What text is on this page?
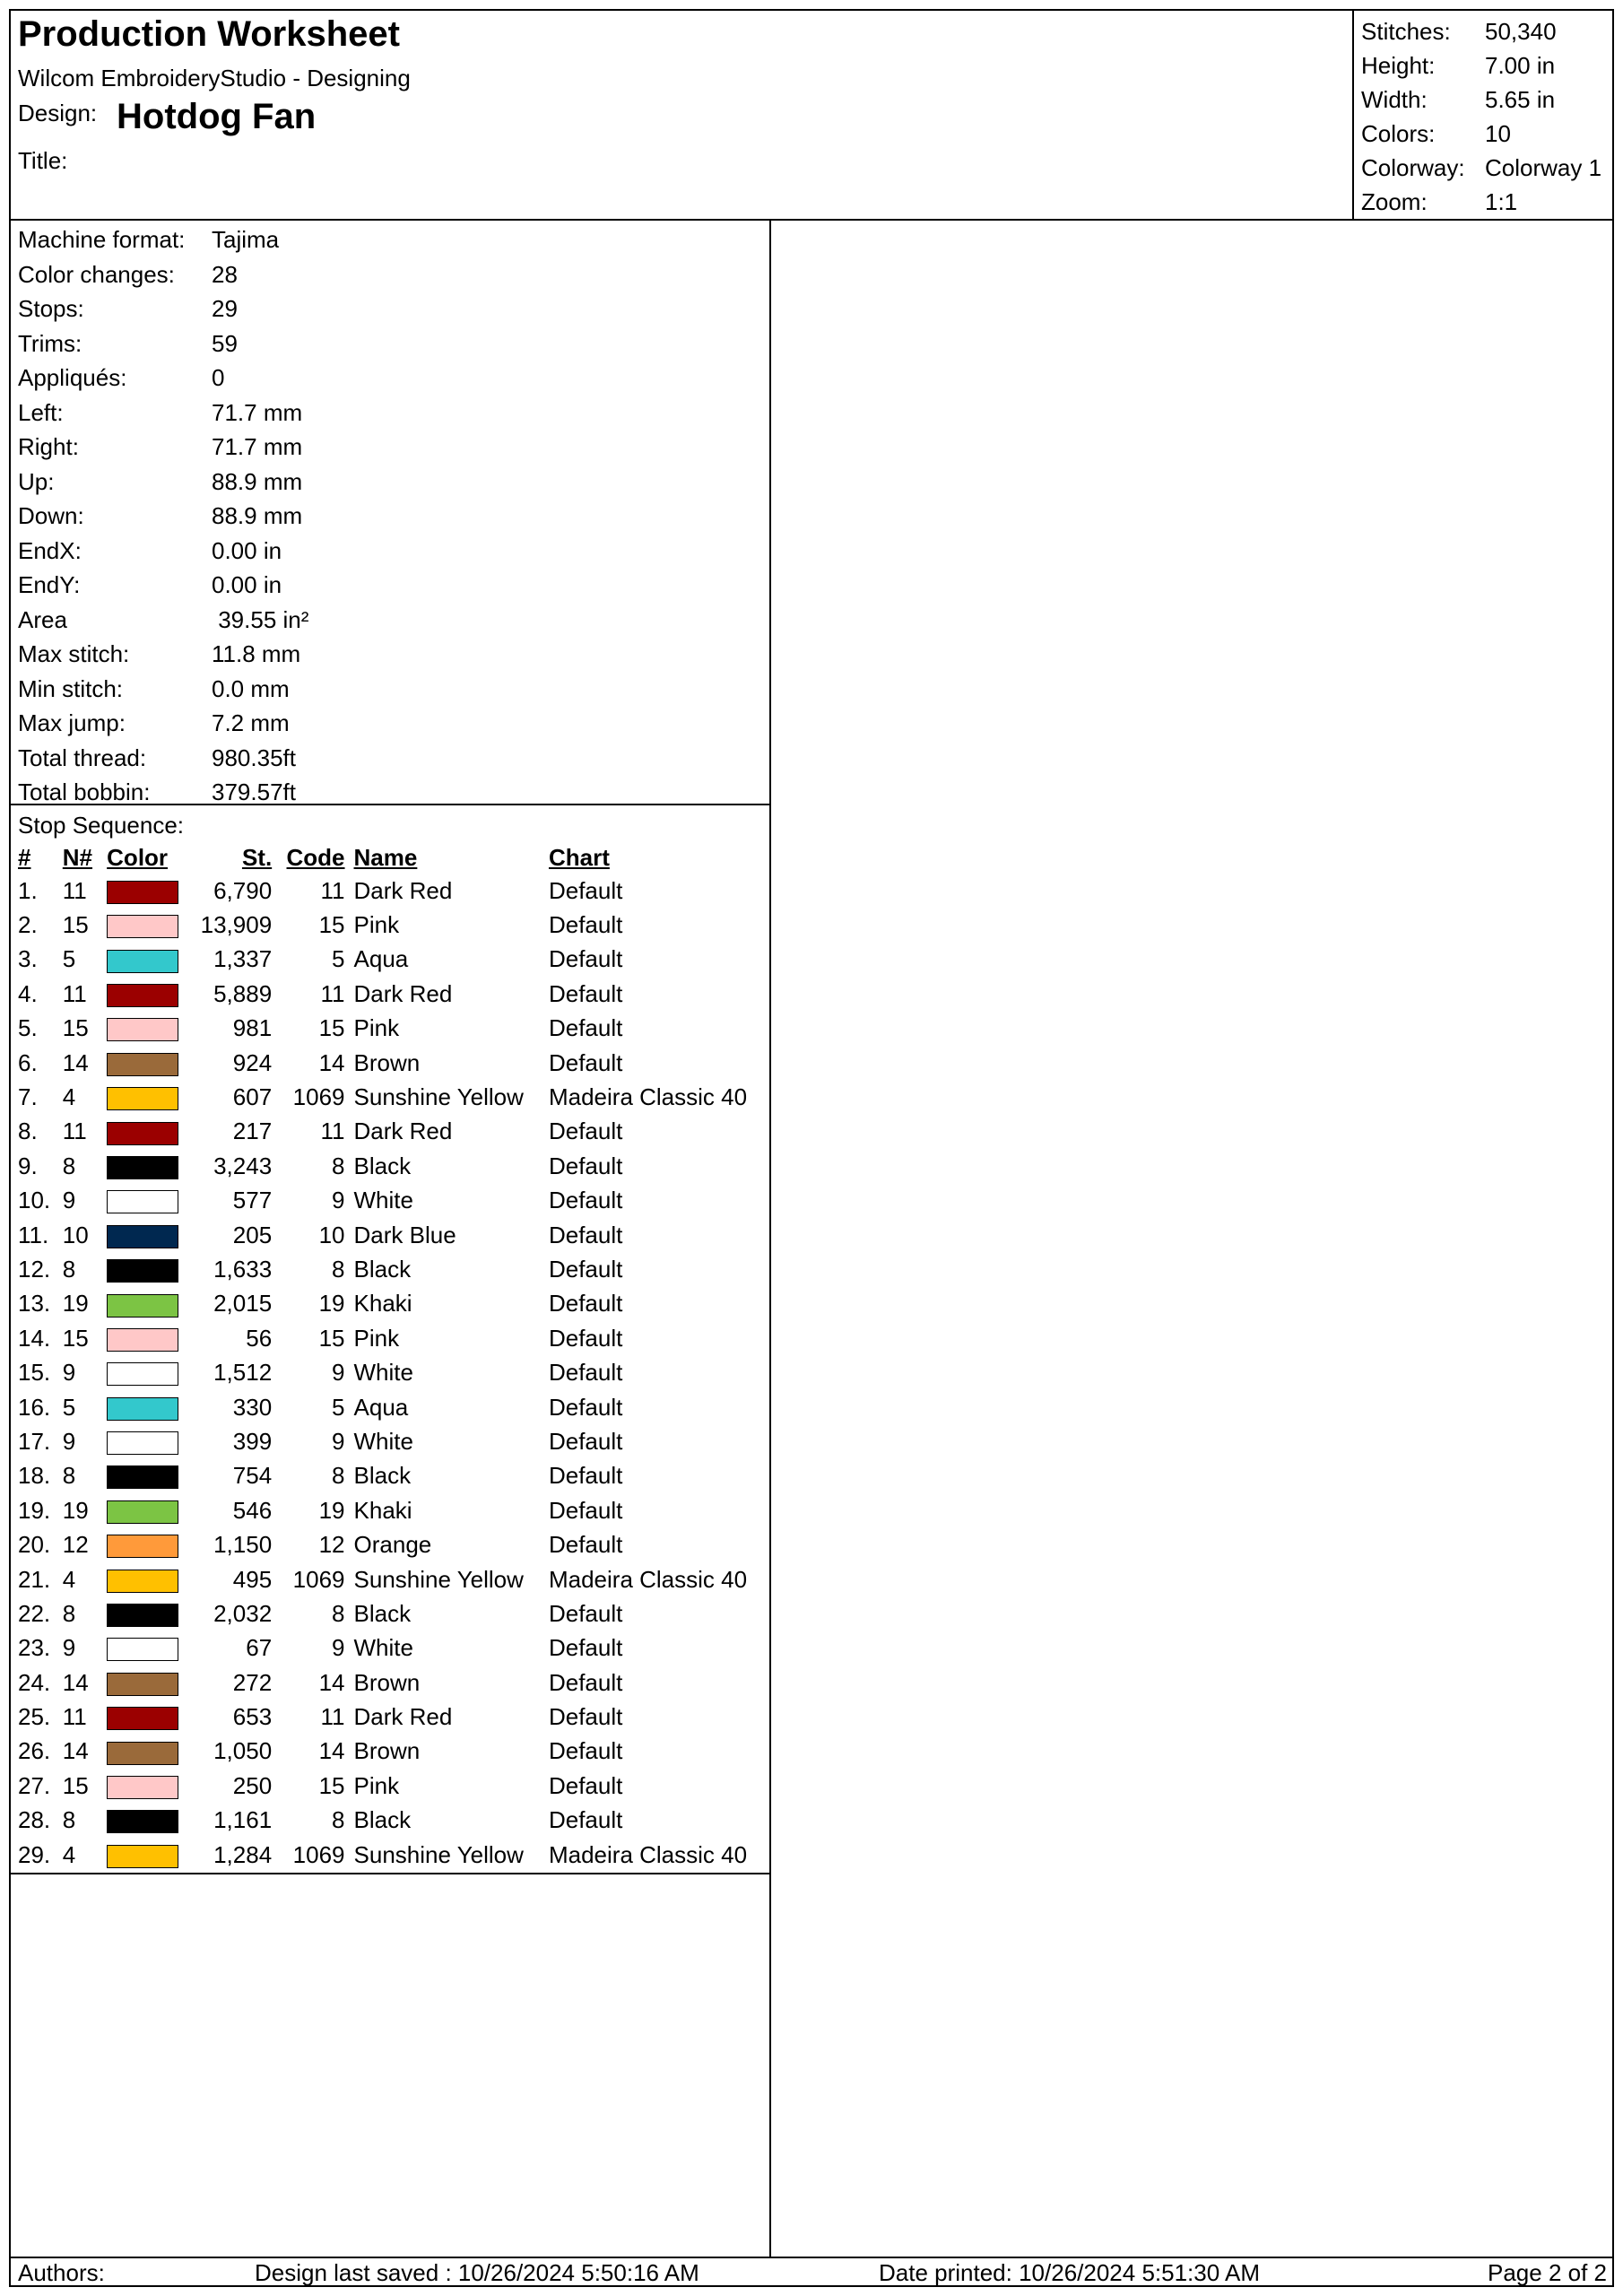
Production Worksheet
Wilcom EmbroideryStudio - Designing
Design: Hotdog Fan
Title:
Stitches: 50,340
Height: 7.00 in
Width: 5.65 in
Colors: 10
Colorway: Colorway 1
Zoom: 1:1
Machine format: Tajima
Color changes: 28
Stops:	29
Trims:	59
Appliqués:	0
Left:	71.7 mm
Right:	71.7 mm
Up:	88.9 mm
Down:	88.9 mm
EndX:	0.00 in
EndY:	0.00 in
Area	39.55 in²
Max stitch:	11.8 mm
Min stitch:	0.0 mm
Max jump:	7.2 mm
Total thread:	980.35ft
Total bobbin:	379.57ft
Stop Sequence:
#	N#	Color	St.	Code	Name	Chart
1.	11		6,790	11	Dark Red	Default
2.	15		13,909	15	Pink	Default
3.	5		1,337	5	Aqua	Default
4.	11		5,889	11	Dark Red	Default
5.	15		981	15	Pink	Default
6.	14		924	14	Brown	Default
7.	4		607	1069	Sunshine Yellow	Madeira Classic 40
8.	11		217	11	Dark Red	Default
9.	8		3,243	8	Black	Default
10.	9		577	9	White	Default
11.	10		205	10	Dark Blue	Default
12.	8		1,633	8	Black	Default
13.	19		2,015	19	Khaki	Default
14.	15		56	15	Pink	Default
15.	9		1,512	9	White	Default
16.	5		330	5	Aqua	Default
17.	9		399	9	White	Default
18.	8		754	8	Black	Default
19.	19		546	19	Khaki	Default
20.	12		1,150	12	Orange	Default
21.	4		495	1069	Sunshine Yellow	Madeira Classic 40
22.	8		2,032	8	Black	Default
23.	9		67	9	White	Default
24.	14		272	14	Brown	Default
25.	11		653	11	Dark Red	Default
26.	14		1,050	14	Brown	Default
27.	15		250	15	Pink	Default
28.	8		1,161	8	Black	Default
29.	4		1,284	1069	Sunshine Yellow	Madeira Classic 40
Authors:	Design last saved : 10/26/2024 5:50:16 AM	Date printed: 10/26/2024 5:51:30 AM	Page 2 of 2
